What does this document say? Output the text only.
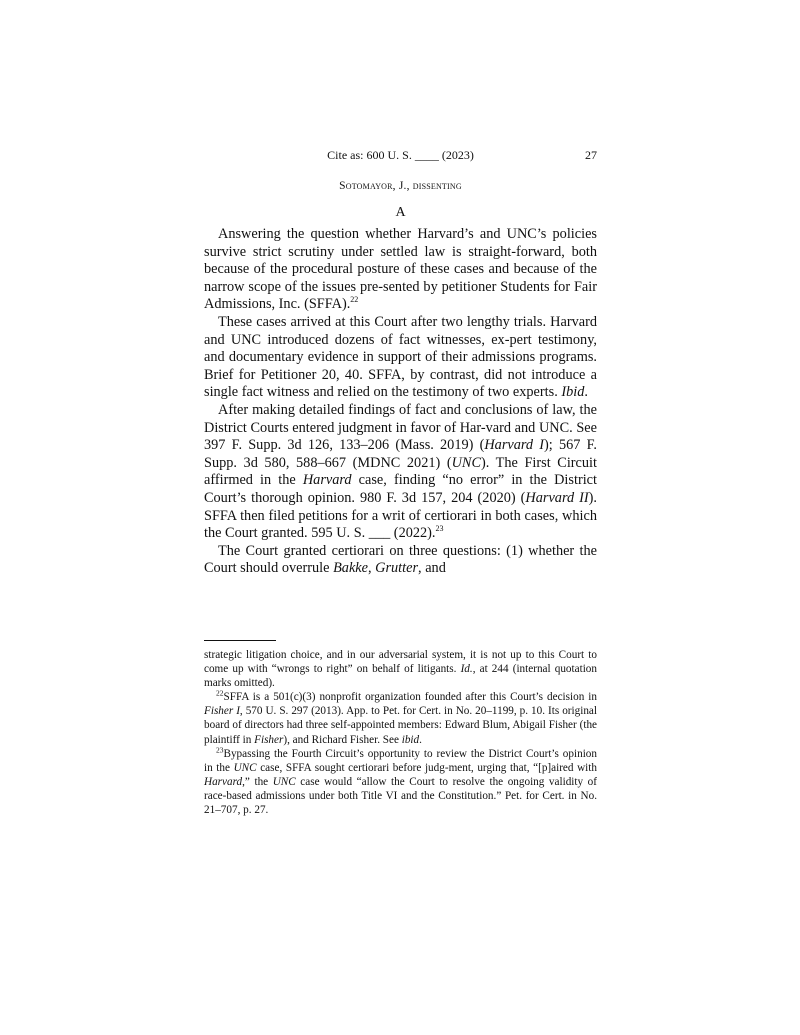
Cite as: 600 U. S. ____ (2023)	27
Sotomayor, J., dissenting
A

Answering the question whether Harvard’s and UNC’s policies survive strict scrutiny under settled law is straight-forward, both because of the procedural posture of these cases and because of the narrow scope of the issues pre-sented by petitioner Students for Fair Admissions, Inc. (SFFA).$^{22}$

These cases arrived at this Court after two lengthy trials. Harvard and UNC introduced dozens of fact witnesses, ex-pert testimony, and documentary evidence in support of their admissions programs. Brief for Petitioner 20, 40. SFFA, by contrast, did not introduce a single fact witness and relied on the testimony of two experts. Ibid.

After making detailed findings of fact and conclusions of law, the District Courts entered judgment in favor of Har-vard and UNC. See 397 F. Supp. 3d 126, 133–206 (Mass. 2019) (Harvard I); 567 F. Supp. 3d 580, 588–667 (MDNC 2021) (UNC). The First Circuit affirmed in the Harvard case, finding “no error” in the District Court’s thorough opinion. 980 F. 3d 157, 204 (2020) (Harvard II). SFFA then filed petitions for a writ of certiorari in both cases, which the Court granted. 595 U. S. ___ (2022).$^{23}$

The Court granted certiorari on three questions: (1) whether the Court should overrule Bakke, Grutter, and

strategic litigation choice, and in our adversarial system, it is not up to this Court to come up with “wrongs to right” on behalf of litigants. Id., at 244 (internal quotation marks omitted).

$^{22}$SFFA is a 501(c)(3) nonprofit organization founded after this Court’s decision in Fisher I, 570 U. S. 297 (2013). App. to Pet. for Cert. in No. 20–1199, p. 10. Its original board of directors had three self-appointed members: Edward Blum, Abigail Fisher (the plaintiff in Fisher), and Richard Fisher. See ibid.

$^{23}$Bypassing the Fourth Circuit’s opportunity to review the District Court’s opinion in the UNC case, SFFA sought certiorari before judg-ment, urging that, “[p]aired with Harvard,” the UNC case would “allow the Court to resolve the ongoing validity of race-based admissions under both Title VI and the Constitution.” Pet. for Cert. in No. 21–707, p. 27.
